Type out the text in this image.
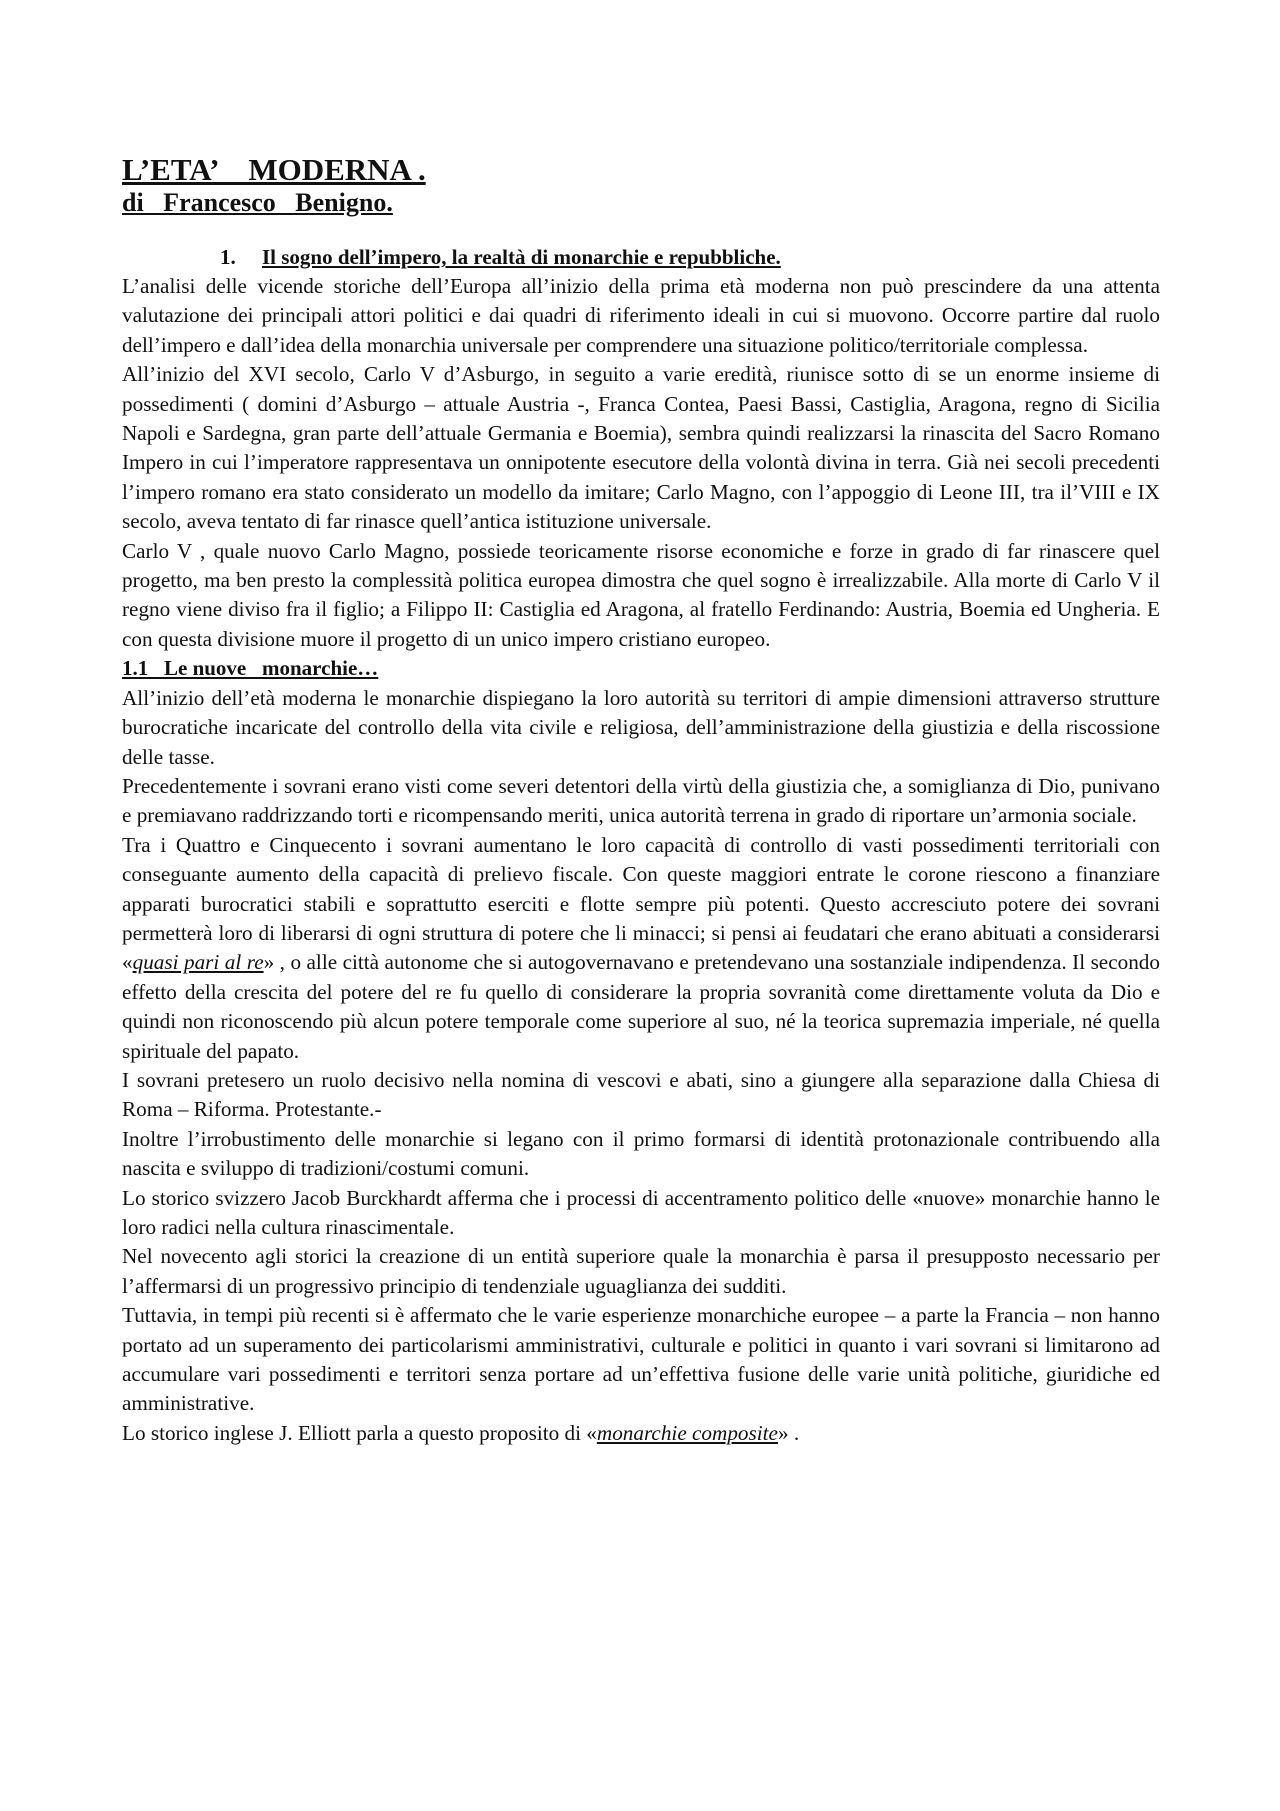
L’ETA’    MODERNA .
di   Francesco   Benigno.
1. Il sogno dell’impero, la realtà di monarchie e repubbliche.

L’analisi delle vicende storiche dell’Europa all’inizio della prima età moderna non può prescindere da una attenta valutazione dei principali attori politici e dai quadri di riferimento ideali in cui si muovono. Occorre partire dal ruolo dell’impero e dall’idea della monarchia universale per comprendere una situazione politico/territoriale complessa.

All’inizio del XVI secolo, Carlo V d’Asburgo, in seguito a varie eredità, riunisce sotto di se un enorme insieme di possedimenti ( domini d’Asburgo – attuale Austria -, Franca Contea, Paesi Bassi, Castiglia, Aragona, regno di Sicilia Napoli e Sardegna, gran parte dell’attuale Germania e Boemia), sembra quindi realizzarsi la rinascita del Sacro Romano Impero in cui l’imperatore rappresentava un onnipotente esecutore della volontà divina in terra. Già nei secoli precedenti l’impero romano era stato considerato un modello da imitare; Carlo Magno, con l’appoggio di Leone III, tra il’VIII e IX secolo, aveva tentato di far rinasce quell’antica istituzione universale.

Carlo V , quale nuovo Carlo Magno, possiede teoricamente risorse economiche e forze in grado di far rinascere quel progetto, ma ben presto la complessità politica europea dimostra che quel sogno è irrealizzabile. Alla morte di Carlo V il regno viene diviso fra il figlio; a Filippo II: Castiglia ed Aragona, al fratello Ferdinando: Austria, Boemia ed Ungheria. E con questa divisione muore il progetto di un unico impero cristiano europeo.

1.1   Le nuove   monarchie…

All’inizio dell’età moderna le monarchie dispiegano la loro autorità su territori di ampie dimensioni attraverso strutture burocratiche incaricate del controllo della vita civile e religiosa, dell’amministrazione della giustizia e della riscossione delle tasse.

Precedentemente i sovrani erano visti come severi detentori della virtù della giustizia che, a somiglianza di Dio, punivano e premiavano raddrizzando torti e ricompensando meriti, unica autorità terrena in grado di riportare un’armonia sociale.

Tra i Quattro e Cinquecento i sovrani aumentano le loro capacità di controllo di vasti possedimenti territoriali con conseguante aumento della capacità di prelievo fiscale. Con queste maggiori entrate le corone riescono a finanziare apparati burocratici stabili e soprattutto eserciti e flotte sempre più potenti. Questo accresciuto potere dei sovrani permetterà loro di liberarsi di ogni struttura di potere che li minacci; si pensi ai feudatari che erano abituati a considerarsi «quasi pari al re» , o alle città autonome che si autogovernavano e pretendevano una sostanziale indipendenza. Il secondo effetto della crescita del potere del re fu quello di considerare la propria sovranità come direttamente voluta da Dio e quindi non riconoscendo più alcun potere temporale come superiore al suo, né la teorica supremazia imperiale, né quella spirituale del papato.

I sovrani pretesero un ruolo decisivo nella nomina di vescovi e abati, sino a giungere alla separazione dalla Chiesa di Roma – Riforma. Protestante.-

Inoltre l’irrobustimento delle monarchie si legano con il primo formarsi di identità protonazionale contribuendo alla nascita e sviluppo di tradizioni/costumi comuni.

Lo storico svizzero Jacob Burckhardt afferma che i processi di accentramento politico delle «nuove» monarchie hanno le loro radici nella cultura rinascimentale.

Nel novecento agli storici la creazione di un entità superiore quale la monarchia è parsa il presupposto necessario per l’affermarsi di un progressivo principio di tendenziale uguaglianza dei sudditi.

Tuttavia, in tempi più recenti si è affermato che le varie esperienze monarchiche europee – a parte la Francia – non hanno portato ad un superamento dei particolarismi amministrativi, culturale e politici in quanto i vari sovrani si limitarono ad accumulare vari possedimenti e territori senza portare ad un’effettiva fusione delle varie unità politiche, giuridiche ed amministrative.

Lo storico inglese J. Elliott parla a questo proposito di «monarchie composite» .
